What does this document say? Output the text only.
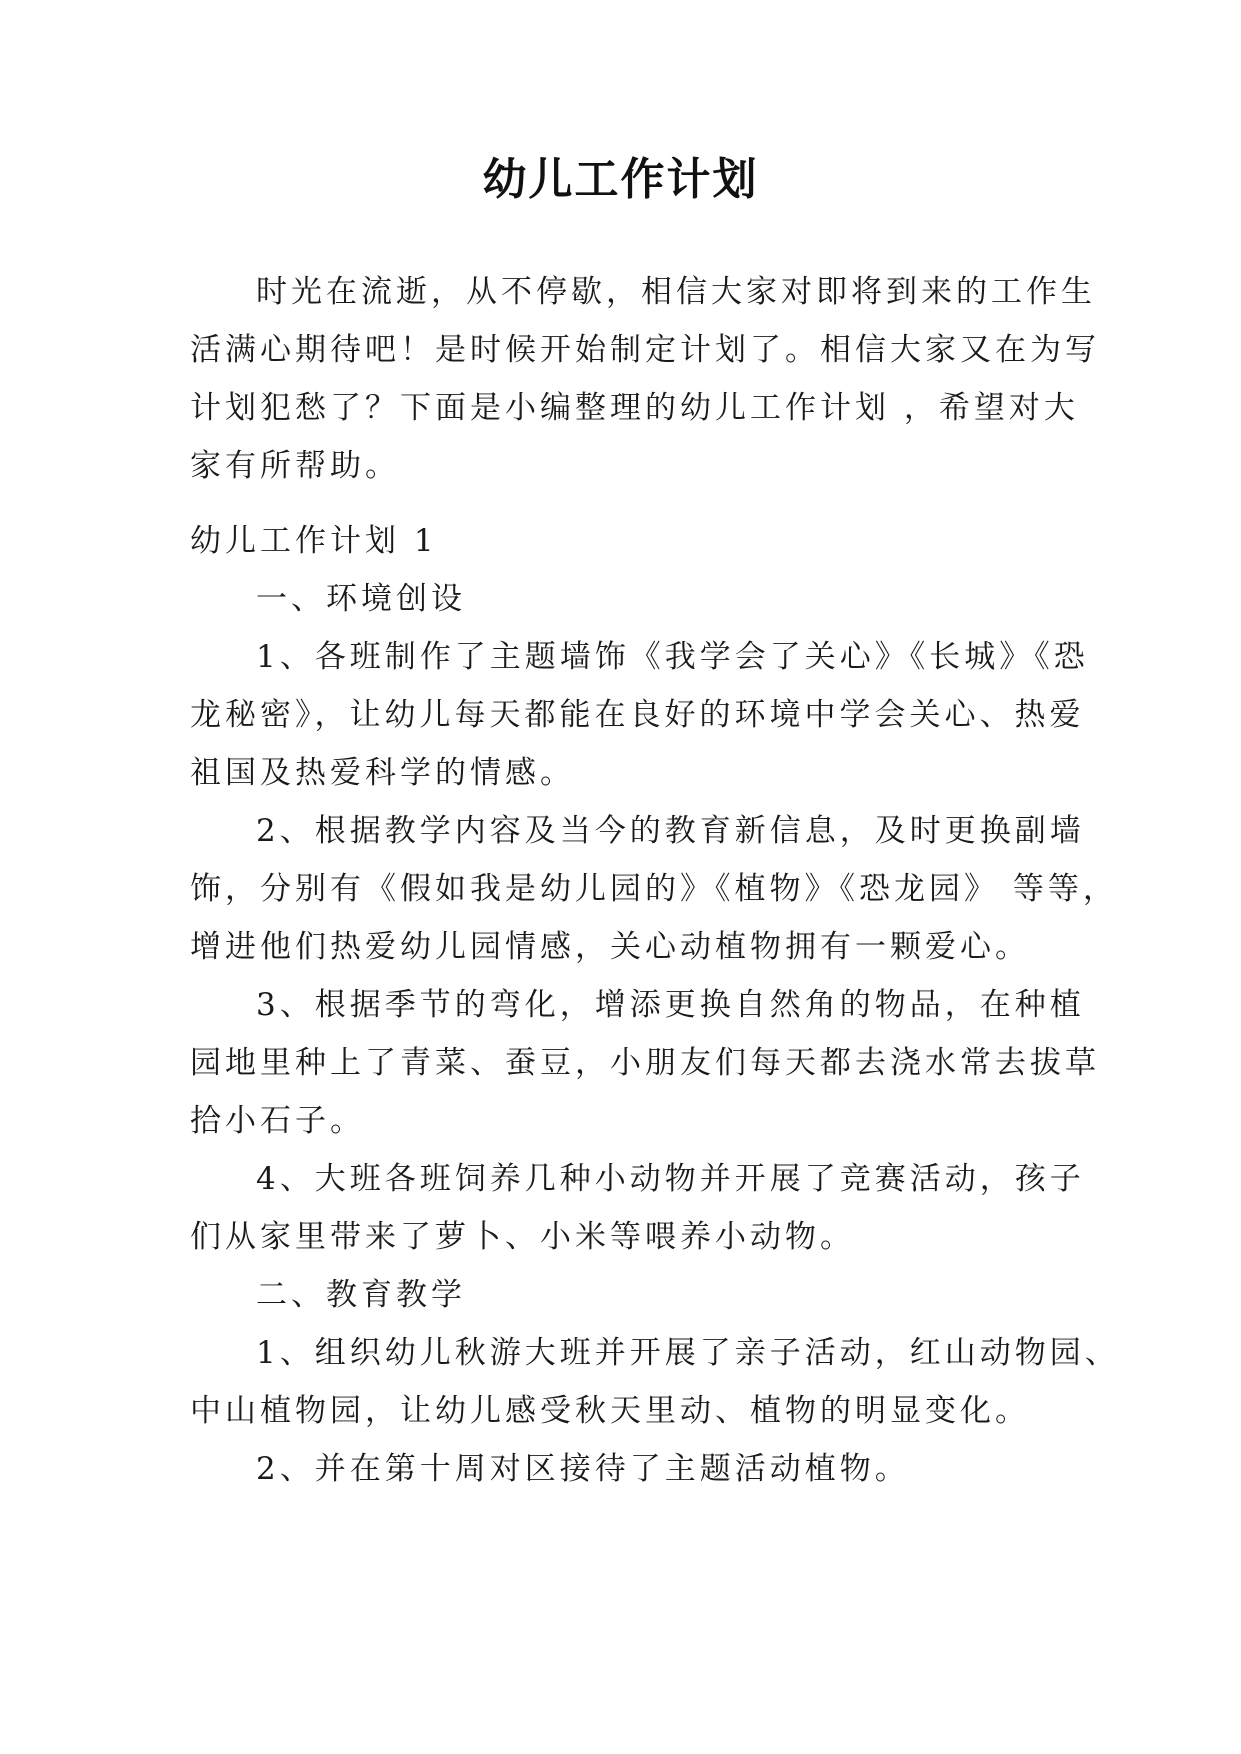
幼儿工作计划
时光在流逝，从不停歇，相信大家对即将到来的工作生
活满心期待吧！是时候开始制定计划了。相信大家又在为写
计划犯愁了？下面是小编整理的幼儿工作计划 ，希望对大
家有所帮助。
幼儿工作计划 1
一、环境创设
1、各班制作了主题墙饰《我学会了关心》《长城》《恐
龙秘密》，让幼儿每天都能在良好的环境中学会关心、热爱
祖国及热爱科学的情感。
2、根据教学内容及当今的教育新信息，及时更换副墙
饰，分别有《假如我是幼儿园的》《植物》《恐龙园》 等等，
增进他们热爱幼儿园情感，关心动植物拥有一颗爱心。
3、根据季节的弯化，增添更换自然角的物品，在种植
园地里种上了青菜、蚕豆，小朋友们每天都去浇水常去拔草
拾小石子。
4、大班各班饲养几种小动物并开展了竞赛活动，孩子
们从家里带来了萝卜、小米等喂养小动物。
二、教育教学
1、组织幼儿秋游大班并开展了亲子活动，红山动物园、
中山植物园，让幼儿感受秋天里动、植物的明显变化。
2、并在第十周对区接待了主题活动植物。
